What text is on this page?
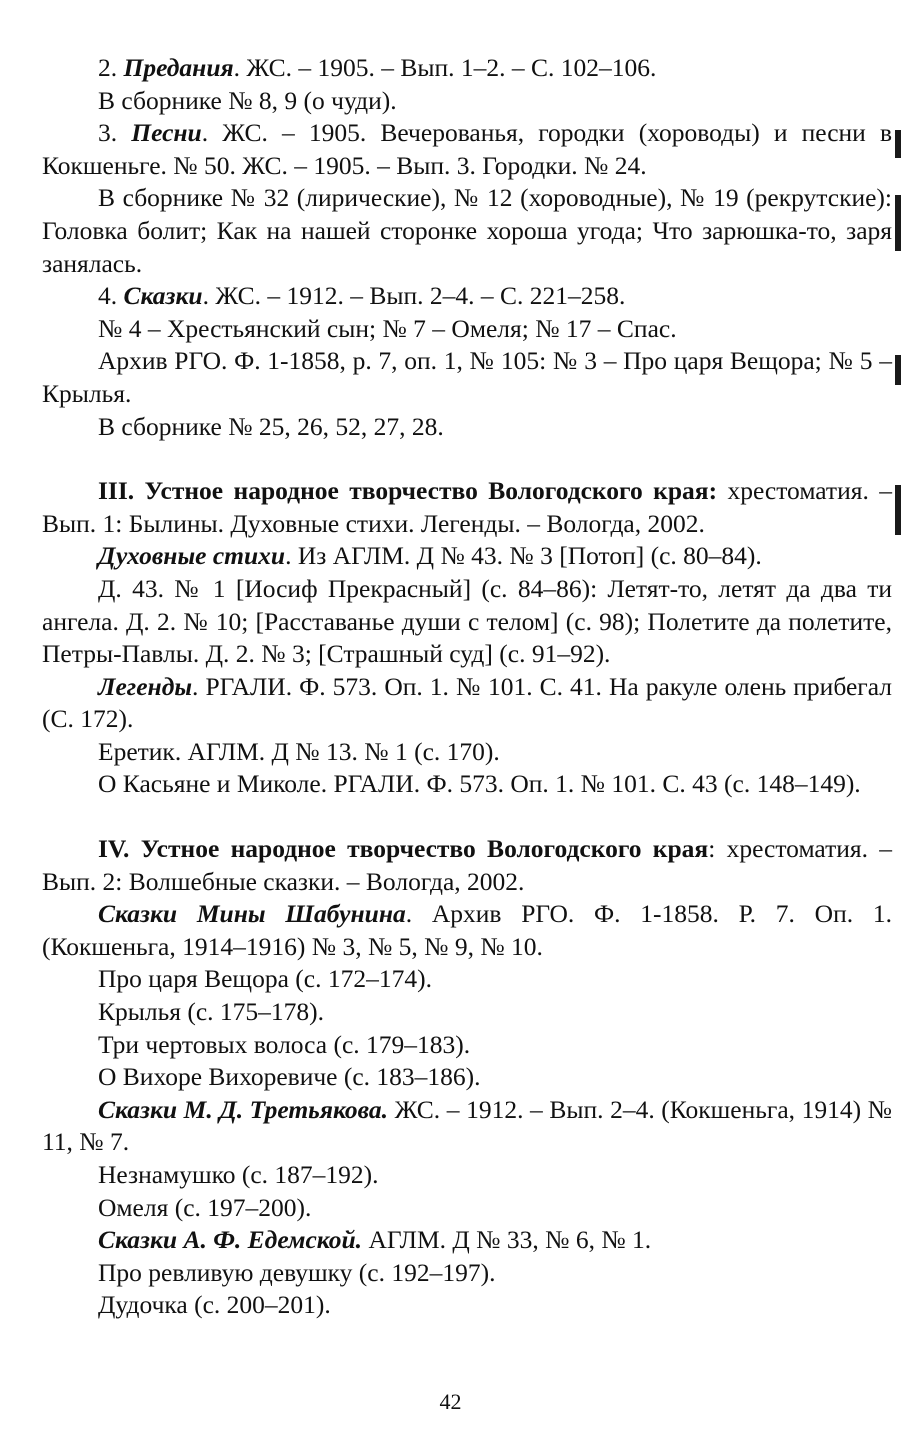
2. Предания. ЖС. – 1905. – Вып. 1–2. – С. 102–106.

В сборнике № 8, 9 (о чуди).

3. Песни. ЖС. – 1905. Вечерованья, городки (хороводы) и песни в Кокшеньге. № 50. ЖС. – 1905. – Вып. 3. Городки. № 24.

В сборнике № 32 (лирические), № 12 (хороводные), № 19 (рекрутские): Головка болит; Как на нашей сторонке хороша угода; Что зарюшка-то, заря занялась.

4. Сказки. ЖС. – 1912. – Вып. 2–4. – С. 221–258.

№ 4 – Хрестьянский сын; № 7 – Омеля; № 17 – Спас.

Архив РГО. Ф. 1-1858, р. 7, оп. 1, № 105: № 3 – Про царя Вещора; № 5 – Крылья.

В сборнике № 25, 26, 52, 27, 28.

III. Устное народное творчество Вологодского края: хрестоматия. – Вып. 1: Былины. Духовные стихи. Легенды. – Вологда, 2002.

Духовные стихи. Из АГЛМ. Д № 43. № 3 [Потоп] (с. 80–84).

Д. 43. № 1 [Иосиф Прекрасный] (с. 84–86): Летят-то, летят да два ти ангела. Д. 2. № 10; [Расставанье души с телом] (с. 98); Полетите да полетите, Петры-Павлы. Д. 2. № 3; [Страшный суд] (с. 91–92).

Легенды. РГАЛИ. Ф. 573. Оп. 1. № 101. С. 41. На ракуле олень прибегал (С. 172).

Еретик. АГЛМ. Д № 13. № 1 (с. 170).

О Касьяне и Миколе. РГАЛИ. Ф. 573. Оп. 1. № 101. С. 43 (с. 148–149).

IV. Устное народное творчество Вологодского края: хрестоматия. – Вып. 2: Волшебные сказки. – Вологда, 2002.

Сказки Мины Шабунина. Архив РГО. Ф. 1-1858. Р. 7. Оп. 1. (Кокшеньга, 1914–1916) № 3, № 5, № 9, № 10.

Про царя Вещора (с. 172–174).

Крылья (с. 175–178).

Три чертовых волоса (с. 179–183).

О Вихоре Вихоревиче (с. 183–186).

Сказки М. Д. Третьякова. ЖС. – 1912. – Вып. 2–4. (Кокшеньга, 1914) № 11, № 7.

Незнамушко (с. 187–192).

Омеля (с. 197–200).

Сказки А. Ф. Едемской. АГЛМ. Д № 33, № 6, № 1.

Про ревливую девушку (с. 192–197).

Дудочка (с. 200–201).

42
